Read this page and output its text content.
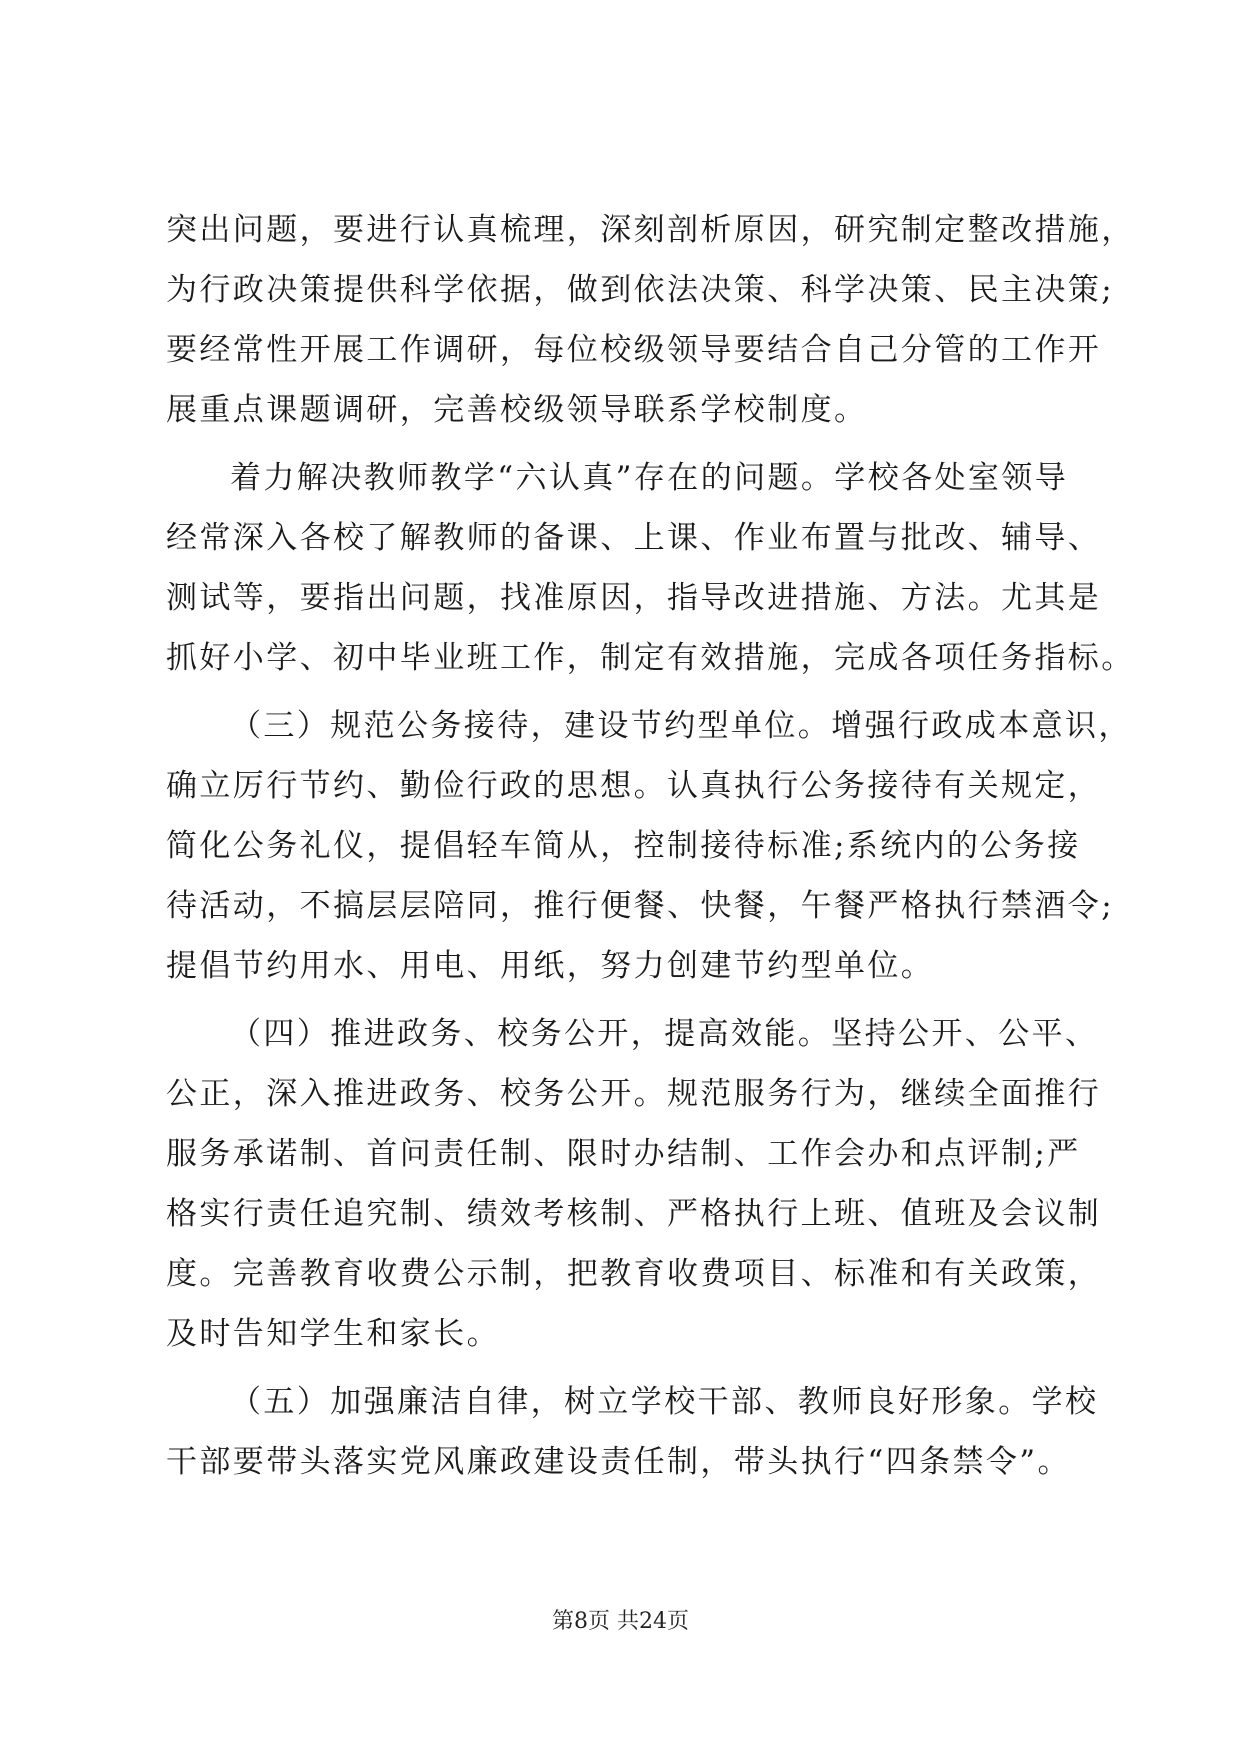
突出问题，要进行认真梳理，深刻剖析原因，研究制定整改措施，
为行政决策提供科学依据，做到依法决策、科学决策、民主决策;
要经常性开展工作调研，每位校级领导要结合自己分管的工作开
展重点课题调研，完善校级领导联系学校制度。
着力解决教师教学“六认真”存在的问题。学校各处室领导
经常深入各校了解教师的备课、上课、作业布置与批改、辅导、
测试等，要指出问题，找准原因，指导改进措施、方法。尤其是
抓好小学、初中毕业班工作，制定有效措施，完成各项任务指标。
（三）规范公务接待，建设节约型单位。增强行政成本意识，
确立厉行节约、勤俭行政的思想。认真执行公务接待有关规定，
简化公务礼仪，提倡轻车简从，控制接待标准;系统内的公务接
待活动，不搞层层陪同，推行便餐、快餐，午餐严格执行禁酒令;
提倡节约用水、用电、用纸，努力创建节约型单位。
（四）推进政务、校务公开，提高效能。坚持公开、公平、
公正，深入推进政务、校务公开。规范服务行为，继续全面推行
服务承诺制、首问责任制、限时办结制、工作会办和点评制;严
格实行责任追究制、绩效考核制、严格执行上班、值班及会议制
度。完善教育收费公示制，把教育收费项目、标准和有关政策，
及时告知学生和家长。
（五）加强廉洁自律，树立学校干部、教师良好形象。学校
干部要带头落实党风廉政建设责任制，带头执行“四条禁令”。
第8页 共24页
